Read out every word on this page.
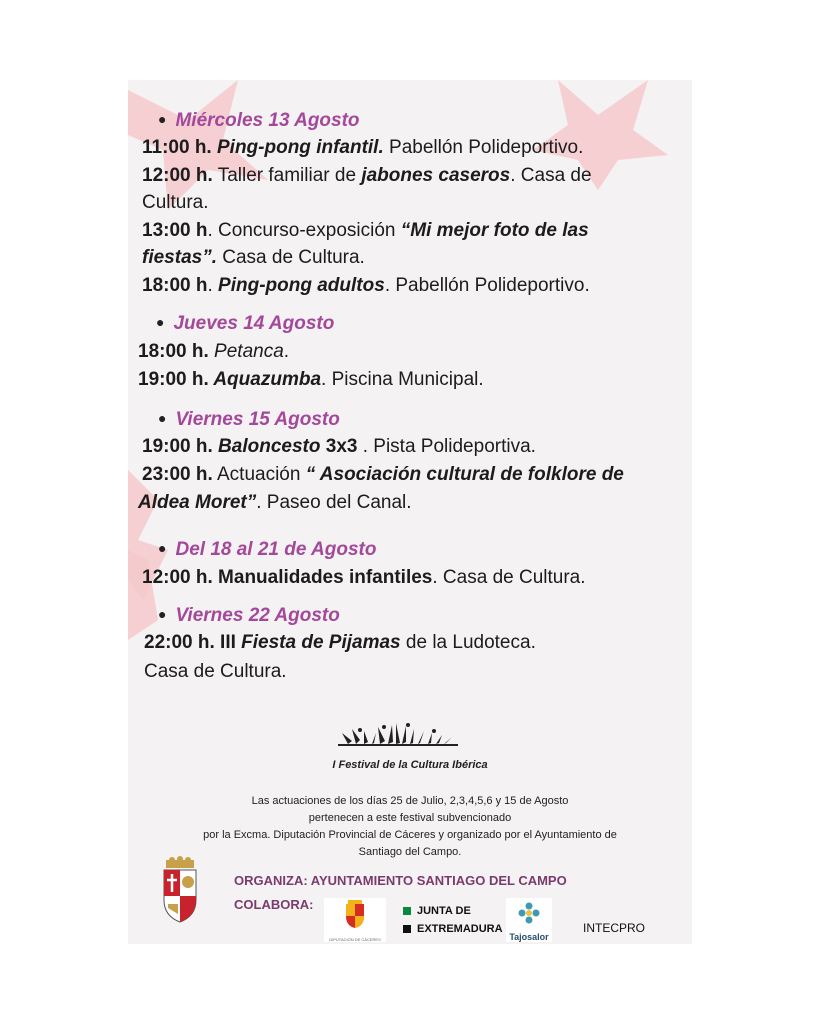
● Miércoles 13 Agosto
11:00 h. Ping-pong infantil. Pabellón Polideportivo.
12:00 h. Taller familiar de jabones caseros. Casa de
Cultura.
13:00 h. Concurso-exposición “Mi mejor foto de las
fiestas”. Casa de Cultura.
18:00 h. Ping-pong adultos. Pabellón Polideportivo.
● Jueves 14 Agosto
18:00 h. Petanca.
19:00 h. Aquazumba. Piscina Municipal.
● Viernes 15 Agosto
19:00 h. Baloncesto 3x3 . Pista Polideportiva.
23:00 h. Actuación “ Asociación cultural de folklore de
Aldea Moret”. Paseo del Canal.
● Del 18 al 21 de Agosto
12:00 h. Manualidades infantiles. Casa de Cultura.
● Viernes 22 Agosto
22:00 h. III Fiesta de Pijamas de la Ludoteca.
Casa de Cultura.
I Festival de la Cultura Ibérica
Las actuaciones de los días 25 de Julio, 2,3,4,5,6 y 15 de Agosto
pertenecen a este festival subvencionado
por la Excma. Diputación Provincial de Cáceres y organizado por el Ayuntamiento de
Santiago del Campo.
ORGANIZA: AYUNTAMIENTO SANTIAGO DEL CAMPO
COLABORA:
DIPUTACIÓN DE CÁCERES
JUNTA DE
EXTREMADURA
Tajosalor
INTECPRO
